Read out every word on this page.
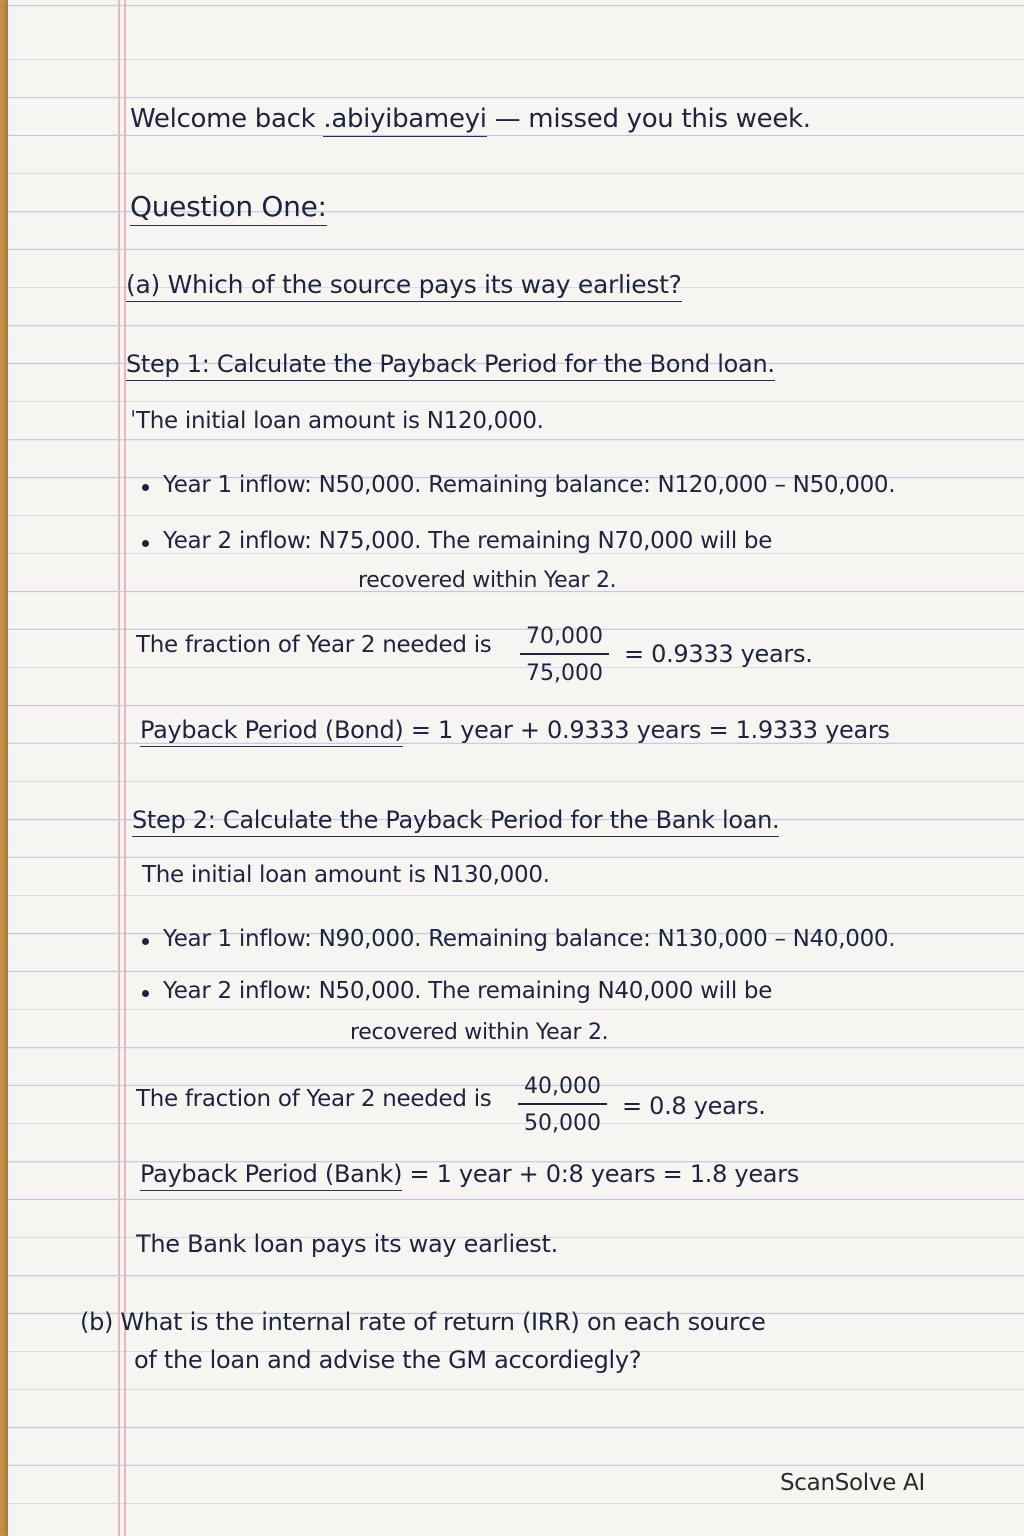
Welcome back .abiyibameyi — missed you this week.
Question One:
(a) Which of the source pays its way earliest?
Step 1: Calculate the Payback Period for the Bond loan.
ˈThe initial loan amount is N120,000.
Year 1 inflow: N50,000. Remaining balance: N120,000 – N50,000.
Year 2 inflow: N75,000. The remaining N70,000 will be
recovered within Year 2.
The fraction of Year 2 needed is $\frac{70,000}{75,000} = 0.9333$ years.
Payback Period (Bond) = 1 year + 0.9333 years = 1.9333 years
Step 2: Calculate the Payback Period for the Bank loan.
The initial loan amount is N130,000.
Year 1 inflow: N90,000. Remaining balance: N130,000 – N40,000.
Year 2 inflow: N50,000. The remaining N40,000 will be
recovered within Year 2.
The fraction of Year 2 needed is $\frac{40,000}{50,000} = 0.8$ years.
Payback Period (Bank) = 1 year + 0:8 years = 1.8 years
The Bank loan pays its way earliest.
(b) What is the internal rate of return (IRR) on each source
of the loan and advise the GM accordiegly?
ScanSolve AI
